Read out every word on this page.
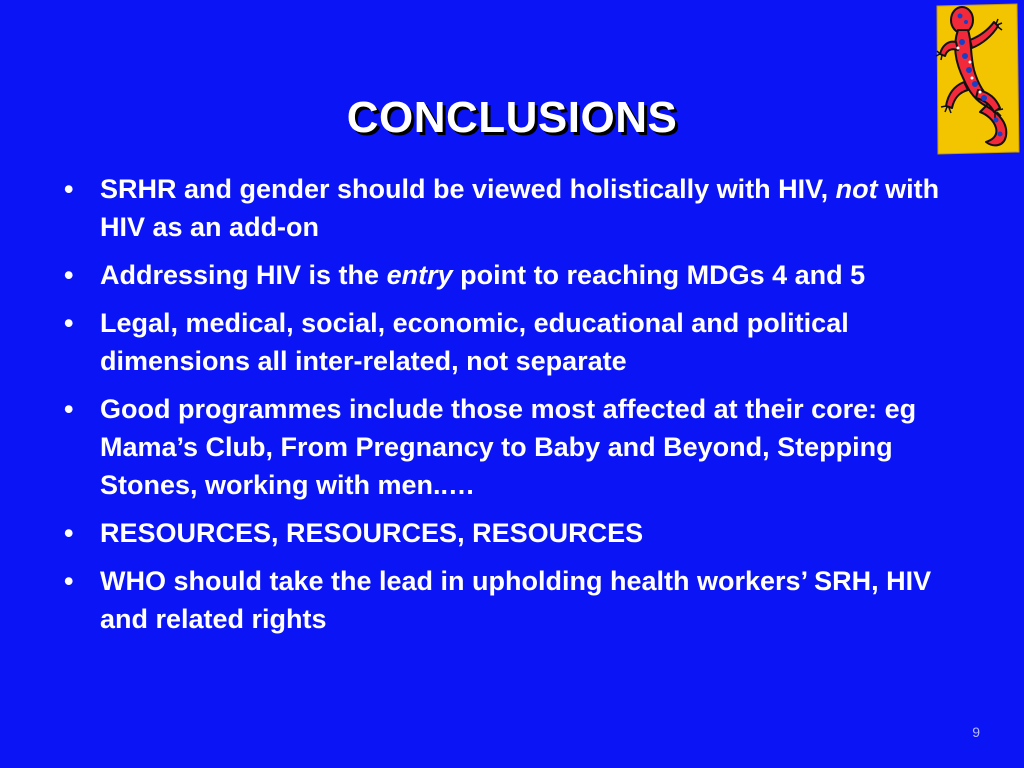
CONCLUSIONS
• SRHR and gender should be viewed holistically with HIV, not with HIV as an add-on
• Addressing HIV is the entry point to reaching MDGs 4 and 5
• Legal, medical, social, economic, educational and political dimensions all inter-related, not separate
• Good programmes include those most affected at their core: eg Mama’s Club, From Pregnancy to Baby and Beyond, Stepping Stones, working with men..…
• RESOURCES, RESOURCES, RESOURCES
• WHO should take the lead in upholding health workers’ SRH, HIV and related rights
9
